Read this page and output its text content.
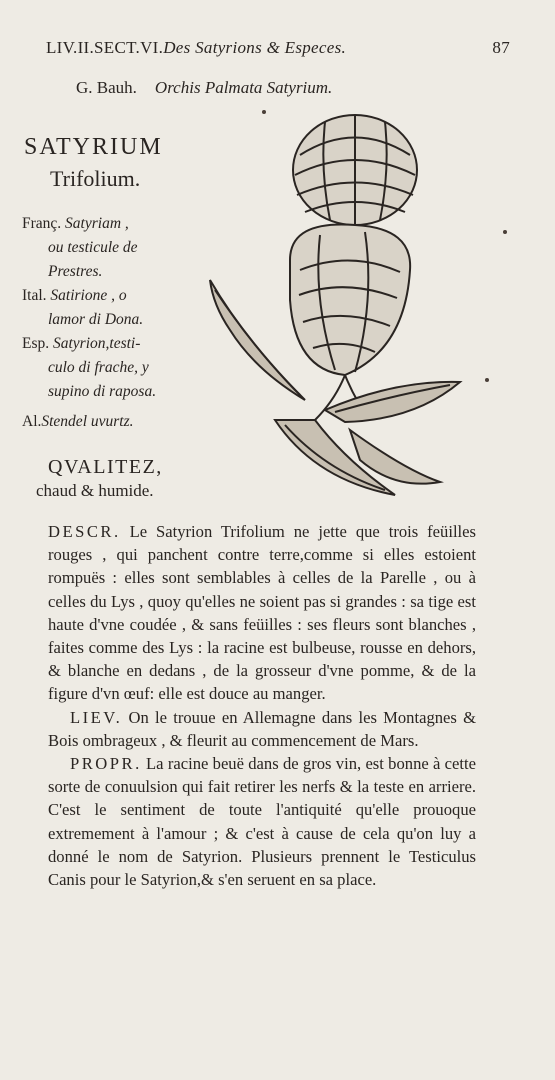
LIV.II.SECT.VI.Des Satyrions & Especes.	87
G. Bauh. Orchis Palmata Satyrium.
SATYRIUM
Trifolium.
Franç. Satyriam ,
ou testicule de
Prestres.
Ital. Satirione , o
lamor di Dona.
Esp. Satyrion,testi-
culo di frache, y
supino di raposa.
Al.Stendel uvurtz.
QVALITEZ,
chaud & humide.

DESCR. Le Satyrion Trifolium ne jette que trois feüilles rouges , qui panchent contre terre,comme si elles estoient rompuës : elles sont semblables à celles de la Parelle , ou à celles du Lys , quoy qu'elles ne soient pas si grandes : sa tige est haute d'vne coudée , & sans feüilles : ses fleurs sont blanches , faites comme des Lys : la racine est bulbeuse, rousse en dehors, & blanche en dedans , de la grosseur d'vne pomme, & de la figure d'vn œuf: elle est douce au manger.

LIEV. On le trouue en Allemagne dans les Montagnes & Bois ombrageux , & fleurit au commencement de Mars.

PROPR. La racine beuë dans de gros vin, est bonne à cette sorte de conuulsion qui fait retirer les nerfs & la teste en arriere. C'est le sentiment de toute l'antiquité qu'elle prouoque extremement à l'amour ; & c'est à cause de cela qu'on luy a donné le nom de Satyrion. Plusieurs prennent le Testiculus Canis pour le Satyrion,& s'en seruent en sa place.
